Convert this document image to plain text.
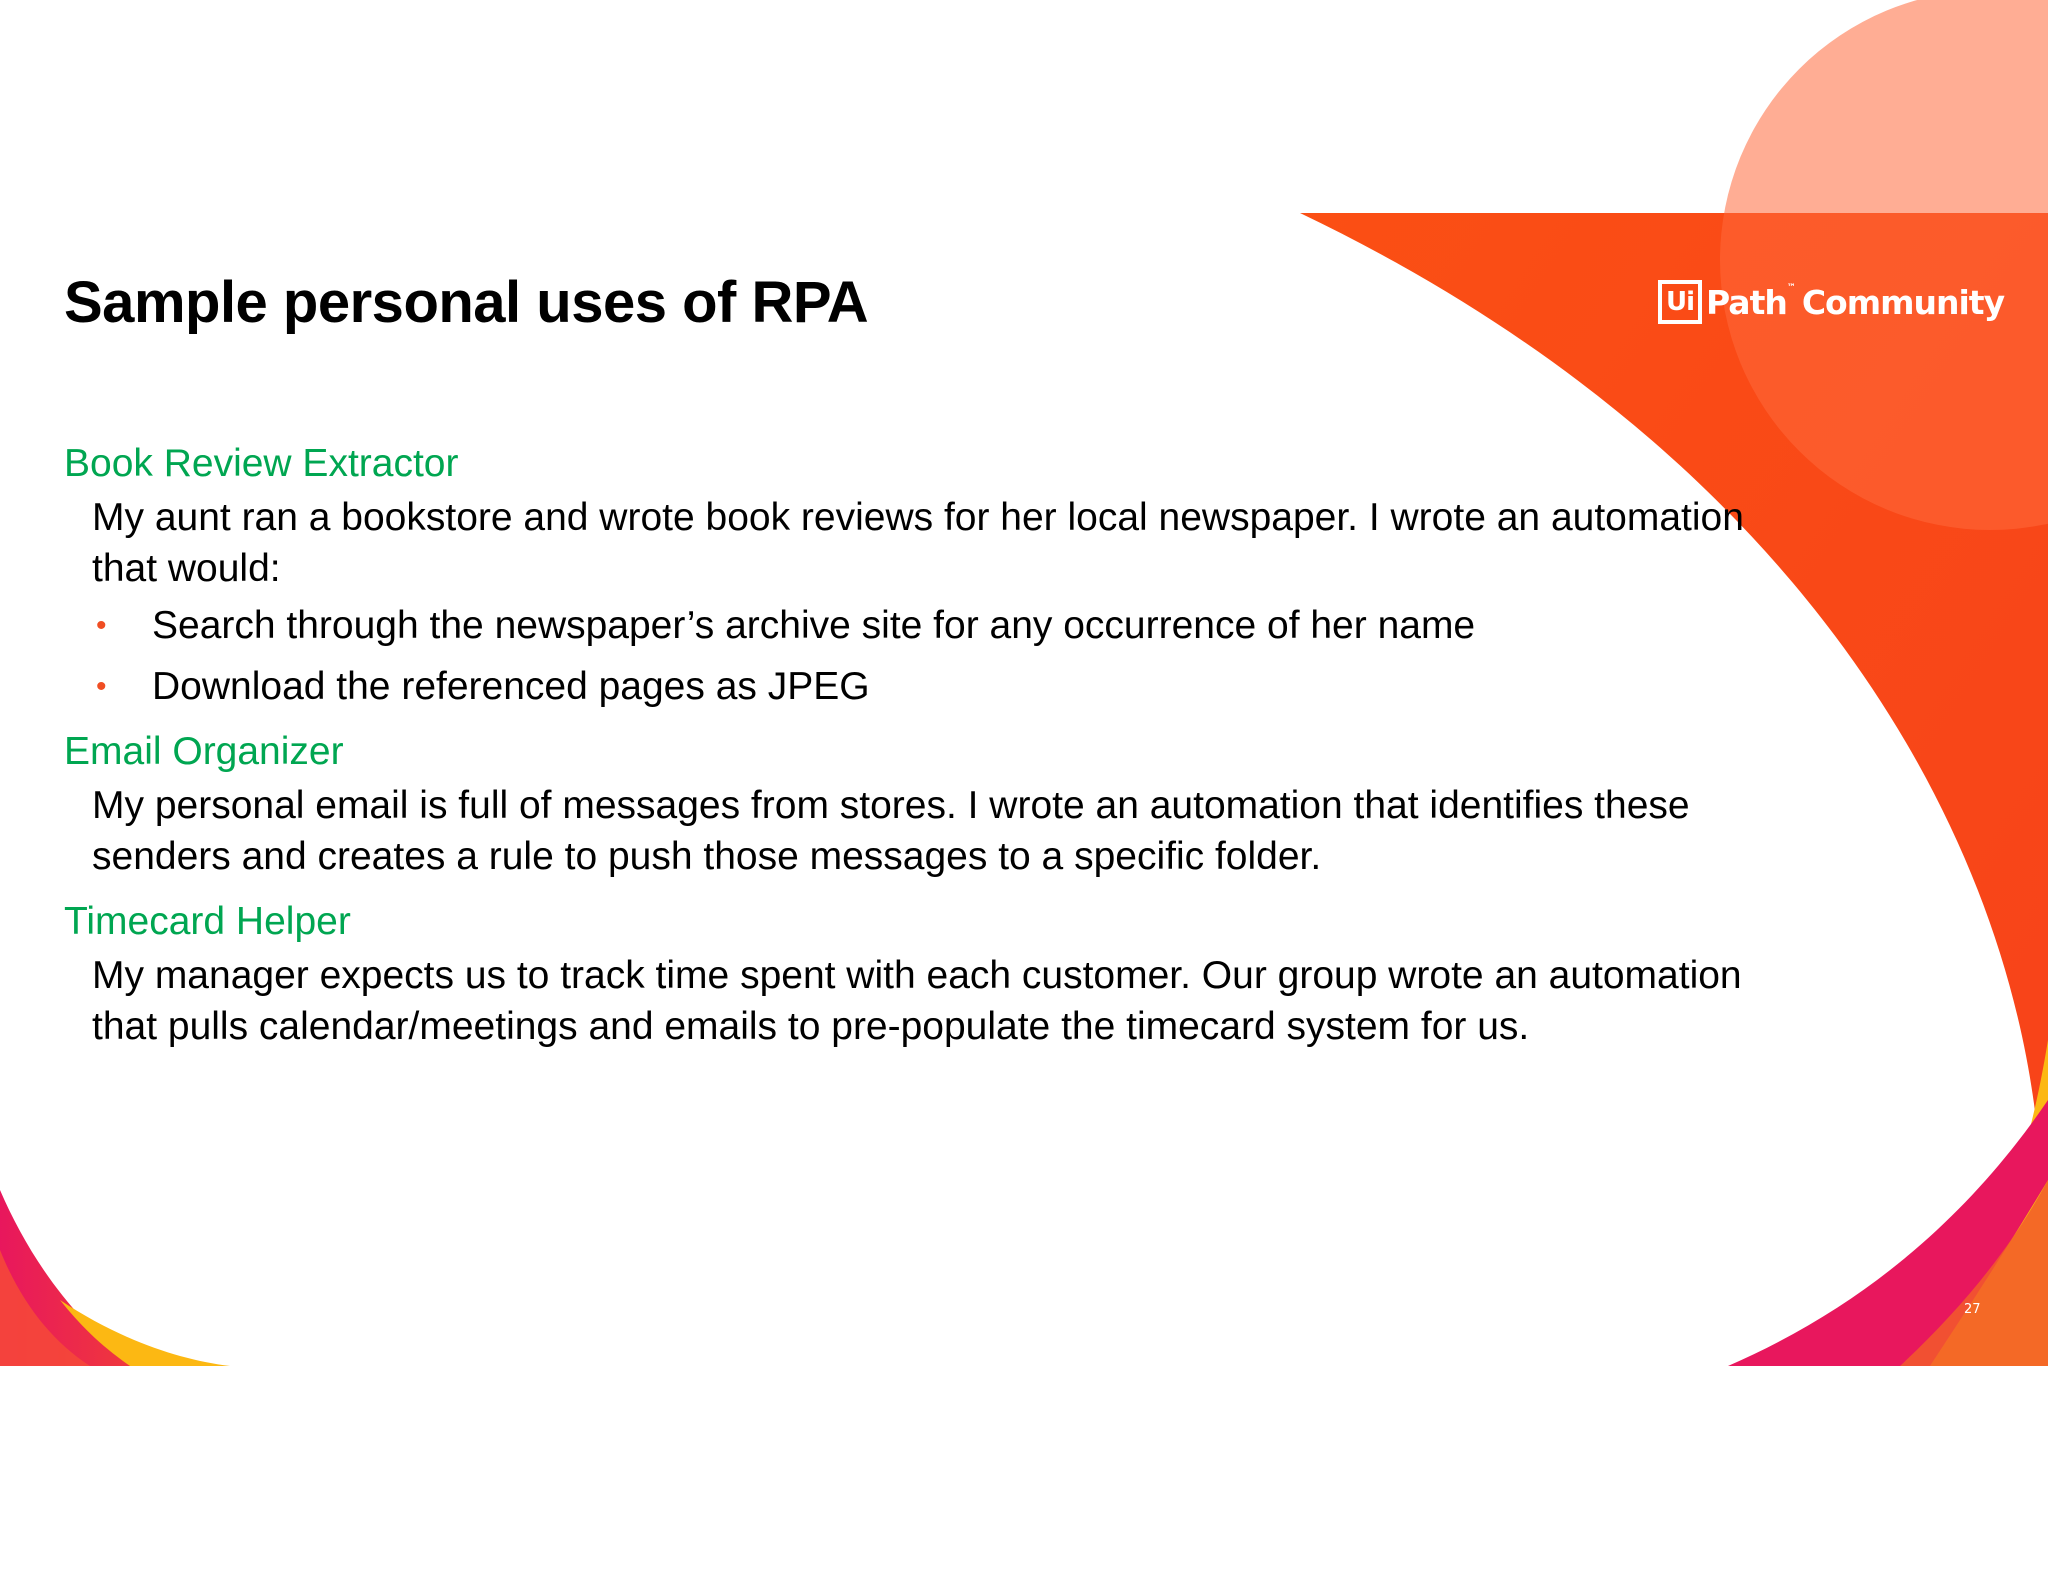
Sample personal uses of RPA	Ui Path ™ Community

Book Review Extractor

My aunt ran a bookstore and wrote book reviews for her local newspaper. I wrote an automation that would:

• Search through the newspaper’s archive site for any occurrence of her name
• Download the referenced pages as JPEG

Email Organizer

My personal email is full of messages from stores. I wrote an automation that identifies these senders and creates a rule to push those messages to a specific folder.

Timecard Helper

My manager expects us to track time spent with each customer. Our group wrote an automation that pulls calendar/meetings and emails to pre-populate the timecard system for us.

27
